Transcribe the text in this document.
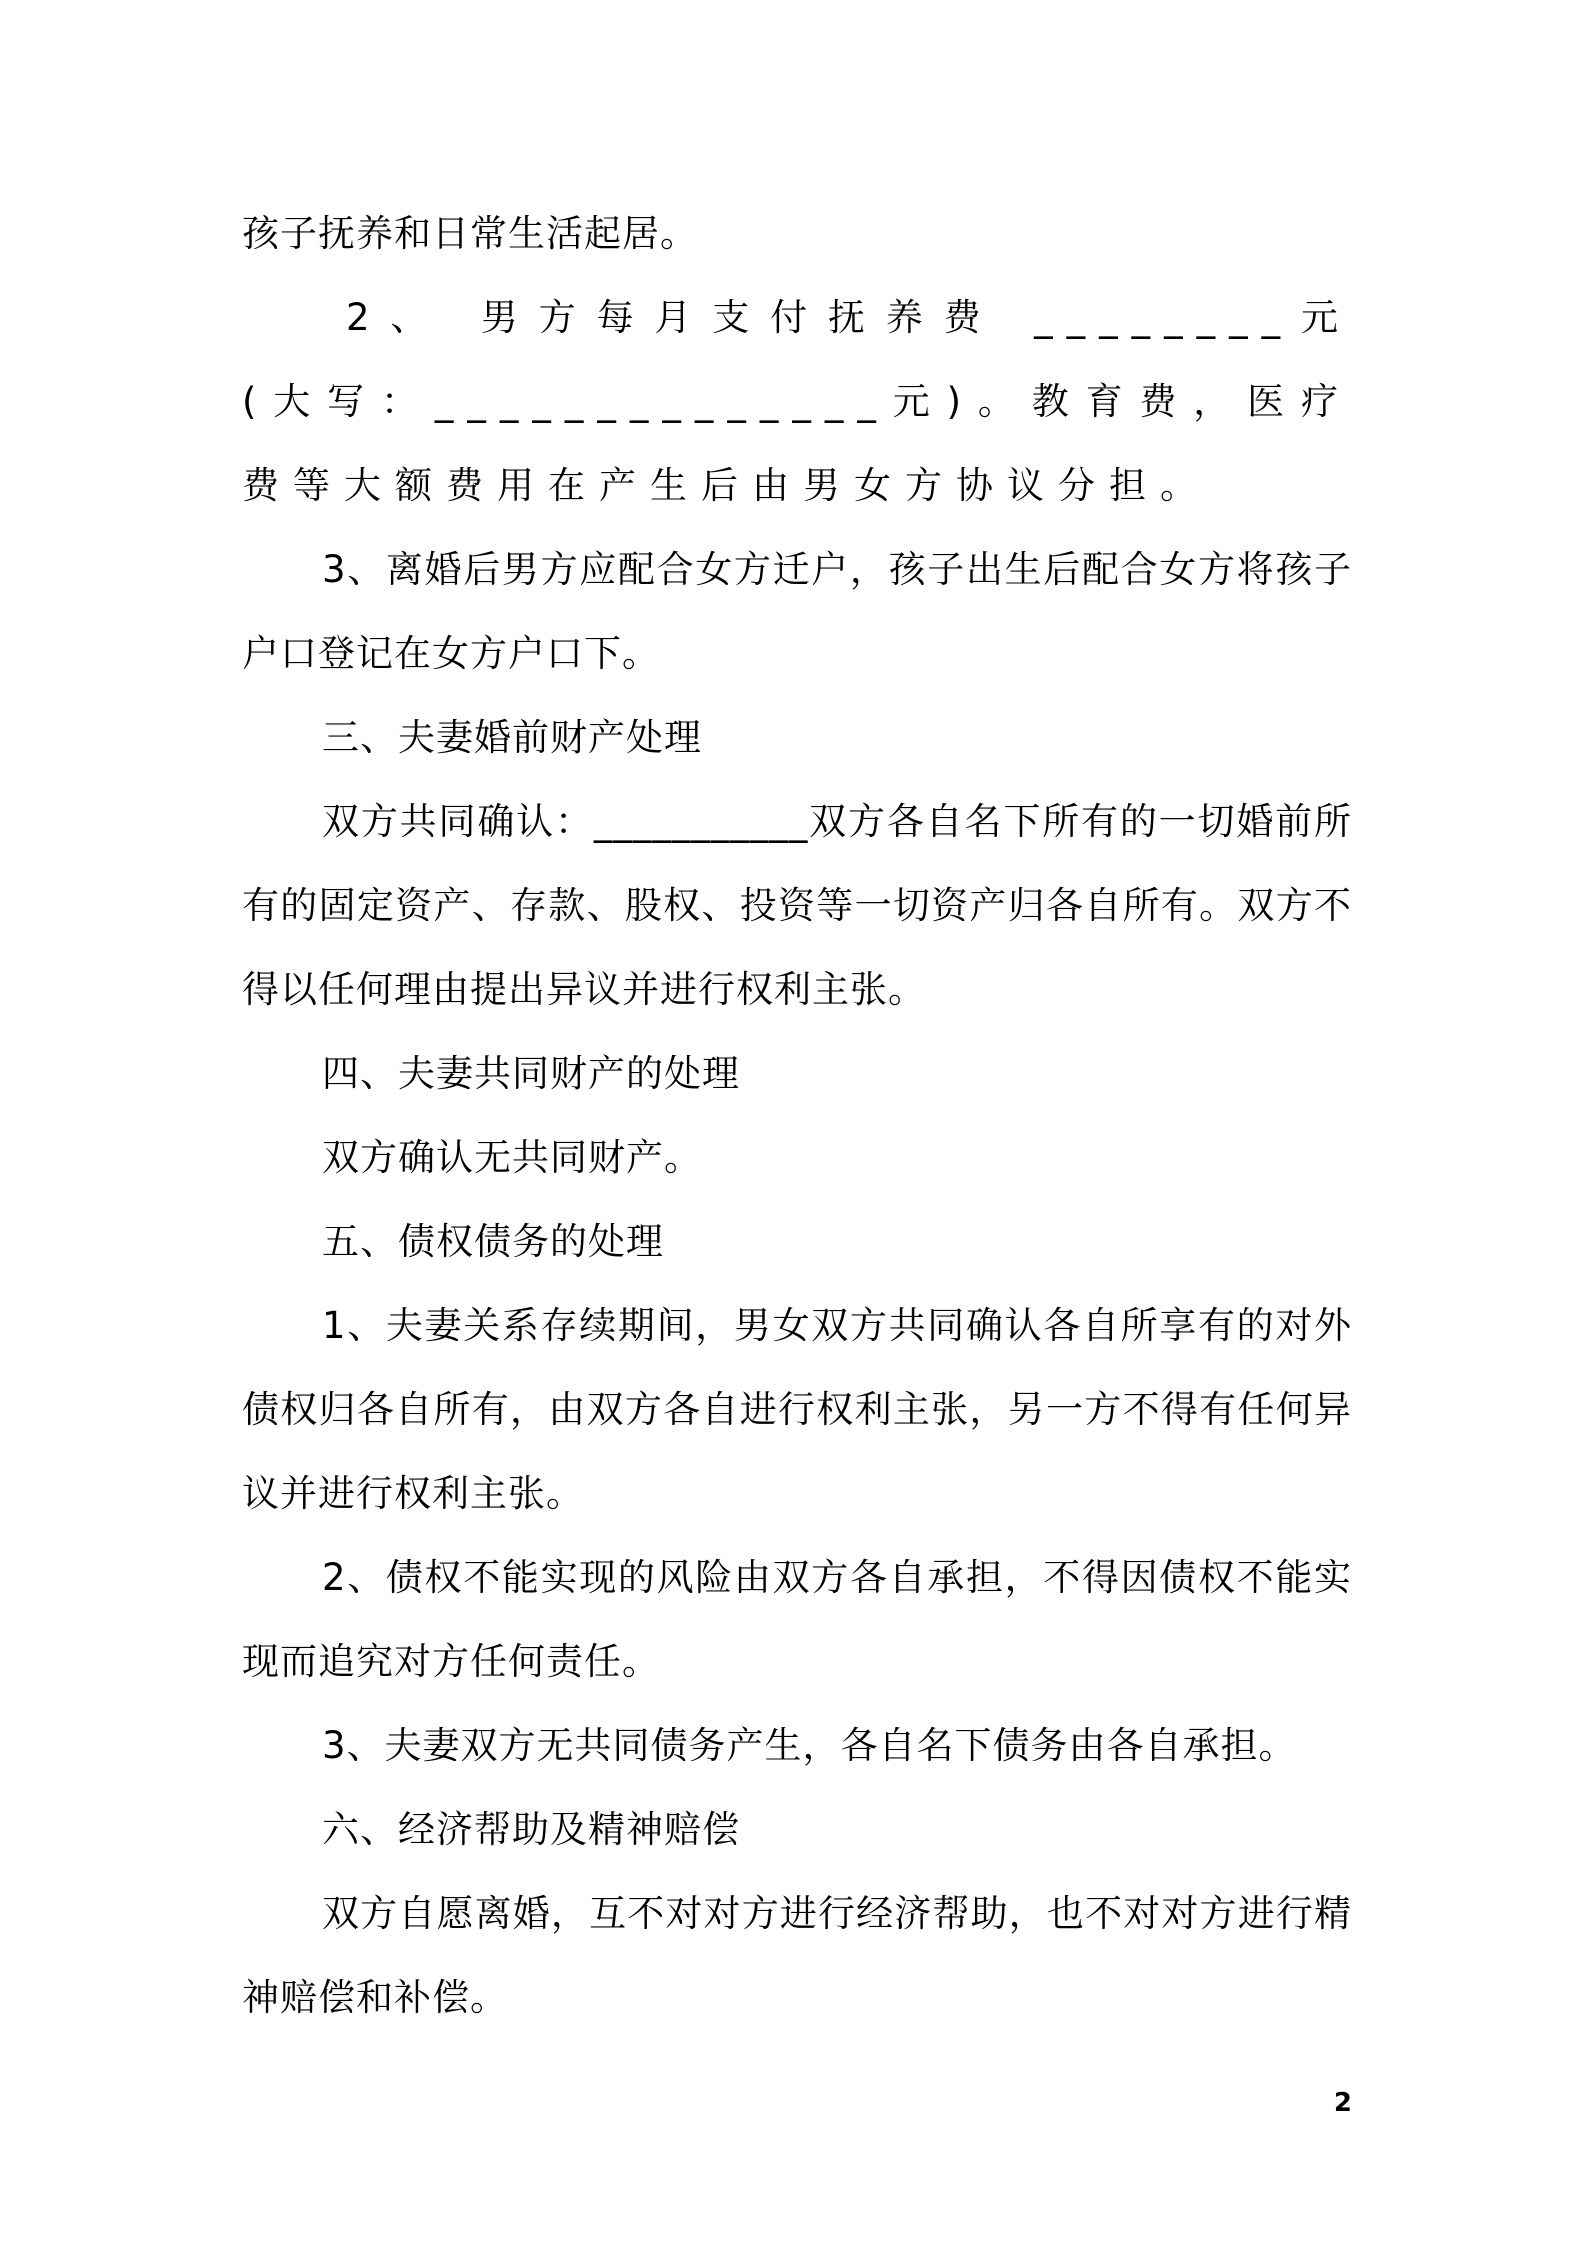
孩子抚养和日常生活起居。

2、 男方每月支付抚养费 ________元 (大写：______________元)。教育费，医疗费等大额费用在产生后由男女方协议分担。

3、离婚后男方应配合女方迁户，孩子出生后配合女方将孩子户口登记在女方户口下。

三、夫妻婚前财产处理

双方共同确认：___________双方各自名下所有的一切婚前所有的固定资产、存款、股权、投资等一切资产归各自所有。双方不得以任何理由提出异议并进行权利主张。

四、夫妻共同财产的处理

双方确认无共同财产。

五、债权债务的处理

1、夫妻关系存续期间，男女双方共同确认各自所享有的对外债权归各自所有，由双方各自进行权利主张，另一方不得有任何异议并进行权利主张。

2、债权不能实现的风险由双方各自承担，不得因债权不能实现而追究对方任何责任。

3、夫妻双方无共同债务产生，各自名下债务由各自承担。

六、经济帮助及精神赔偿

双方自愿离婚，互不对对方进行经济帮助，也不对对方进行精神赔偿和补偿。

2
